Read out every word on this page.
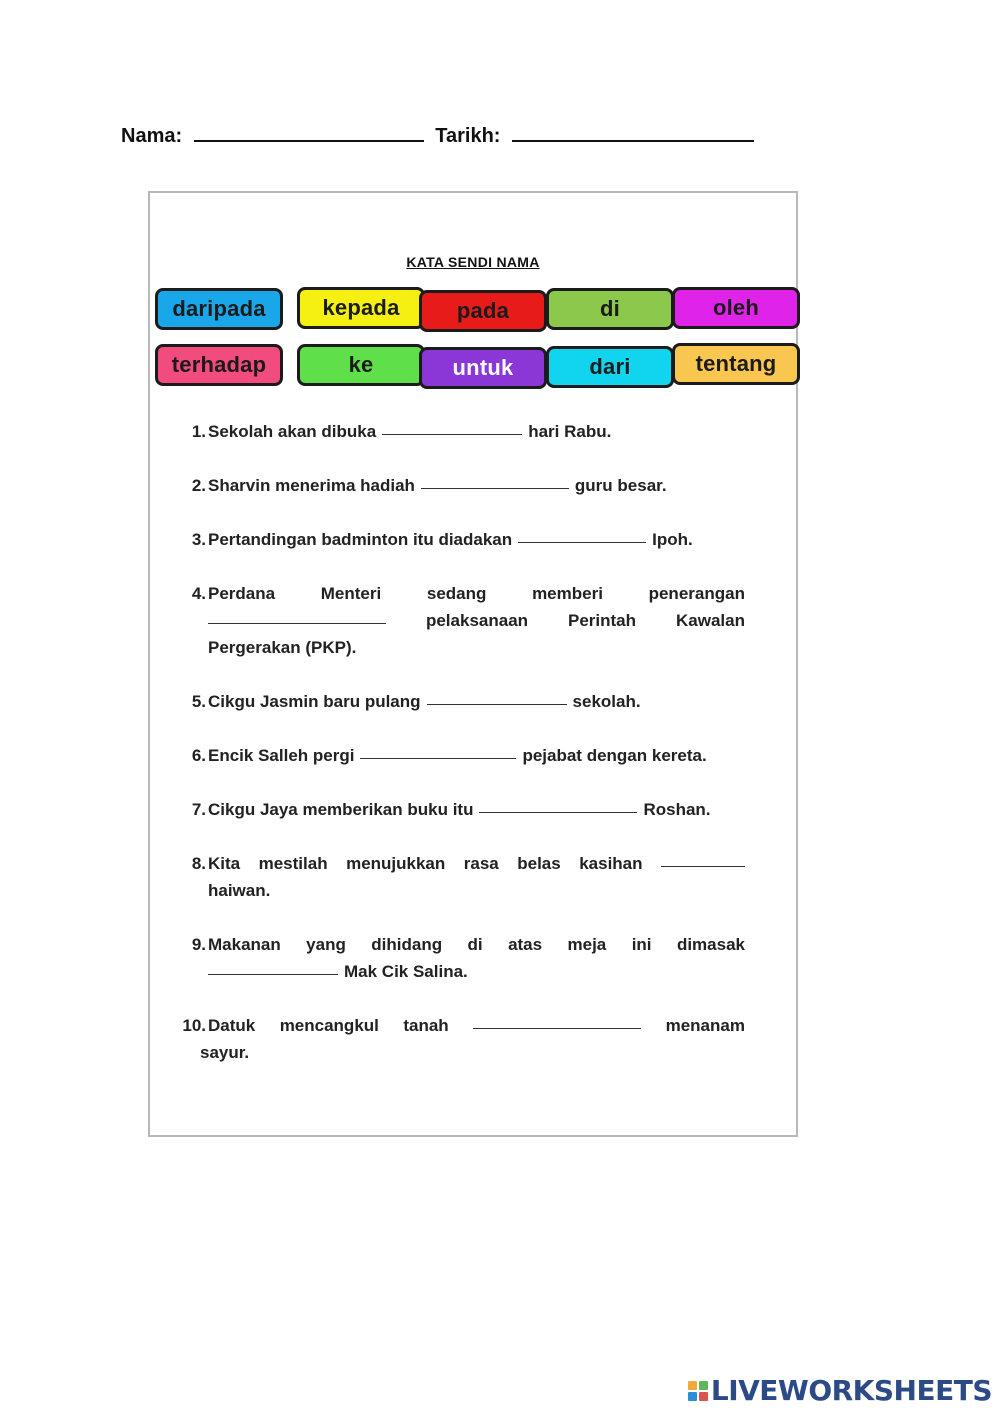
Nama:	Tarikh:
KATA SENDI NAMA
daripada	kepada	pada	di	oleh
terhadap	ke	untuk	dari	tentang
1. Sekolah akan dibuka	hari Rabu.
2. Sharvin menerima hadiah	guru besar.
3. Pertandingan badminton itu diadakan	Ipoh.
4. Perdana	Menteri	sedang	memberi	penerangan
pelaksanaan Perintah Kawalan
Pergerakan (PKP).
5. Cikgu Jasmin baru pulang	sekolah.
6. Encik Salleh pergi	pejabat dengan kereta.
7. Cikgu Jaya memberikan buku itu	Roshan.
8. Kita mestilah menujukkan rasa belas kasihan
haiwan.
9. Makanan yang dihidang di atas meja ini dimasak
Mak Cik Salina.
10. Datuk mencangkul tanah	menanam
sayur.
LIVEWORKSHEETS
